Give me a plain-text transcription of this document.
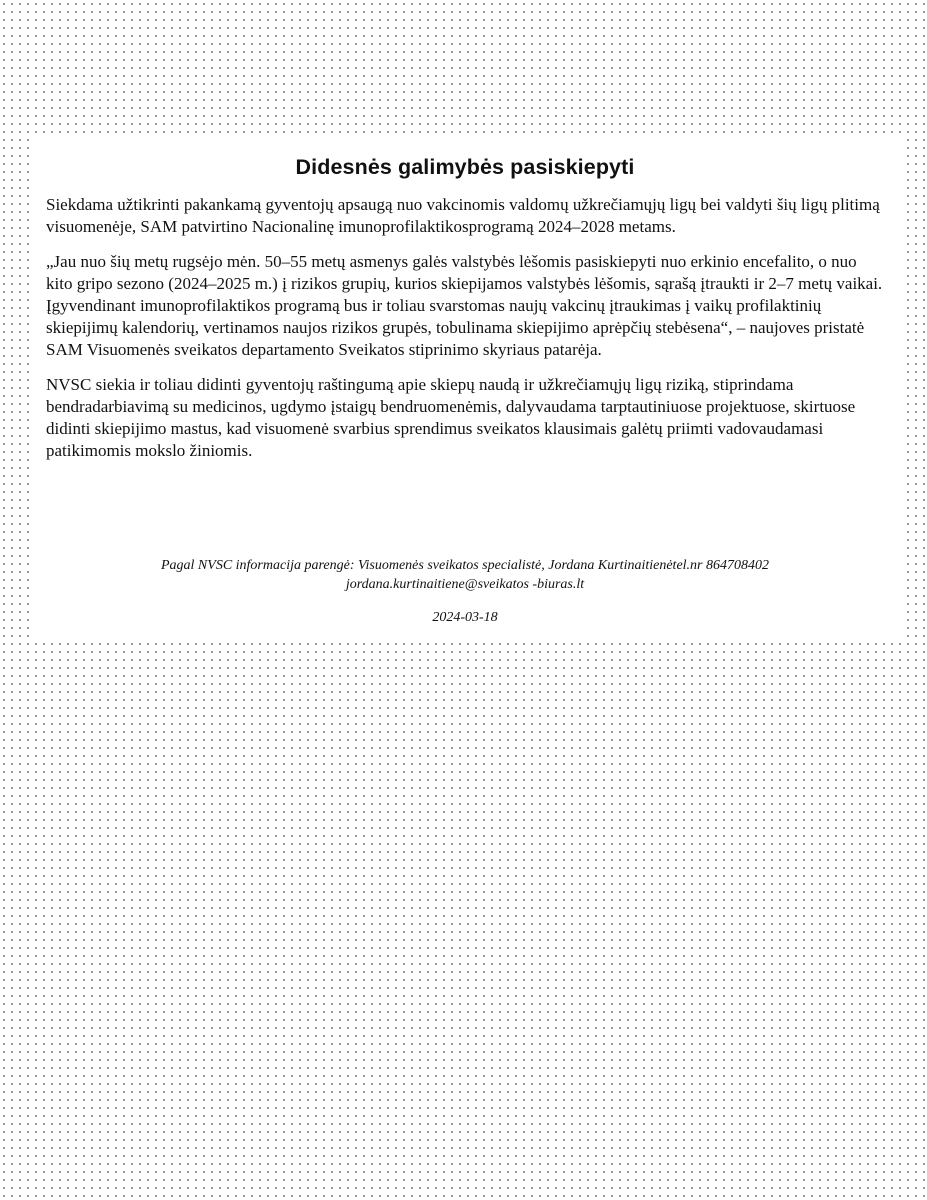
Didesnės galimybės pasiskiepyti

Siekdama užtikrinti pakankamą gyventojų apsaugą nuo vakcinomis valdomų užkrečiamųjų ligų bei valdyti šių ligų plitimą visuomenėje, SAM patvirtino Nacionalinę imunoprofilaktikosprogramą 2024–2028 metams.

„Jau nuo šių metų rugsėjo mėn. 50–55 metų asmenys galės valstybės lėšomis pasiskiepyti nuo erkinio encefalito, o nuo kito gripo sezono (2024–2025 m.) į rizikos grupių, kurios skiepijamos valstybės lėšomis, sąrašą įtraukti ir 2–7 metų vaikai. Įgyvendinant imunoprofilaktikos programą bus ir toliau svarstomas naujų vakcinų įtraukimas į vaikų profilaktinių skiepijimų kalendorių, vertinamos naujos rizikos grupės, tobulinama skiepijimo aprėpčių stebėsena“, – naujoves pristatė SAM Visuomenės sveikatos departamento Sveikatos stiprinimo skyriaus patarėja.

NVSC siekia ir toliau didinti gyventojų raštingumą apie skiepų naudą ir užkrečiamųjų ligų riziką, stiprindama bendradarbiavimą su medicinos, ugdymo įstaigų bendruomenėmis, dalyvaudama tarptautiniuose projektuose, skirtuose didinti skiepijimo mastus, kad visuomenė svarbius sprendimus sveikatos klausimais galėtų priimti vadovaudamasi patikimomis mokslo žiniomis.

Pagal NVSC informacija parengė: Visuomenės sveikatos specialistė, Jordana Kurtinaitienėtel.nr 864708402
jordana.kurtinaitiene@sveikatos -biuras.lt
2024-03-18
